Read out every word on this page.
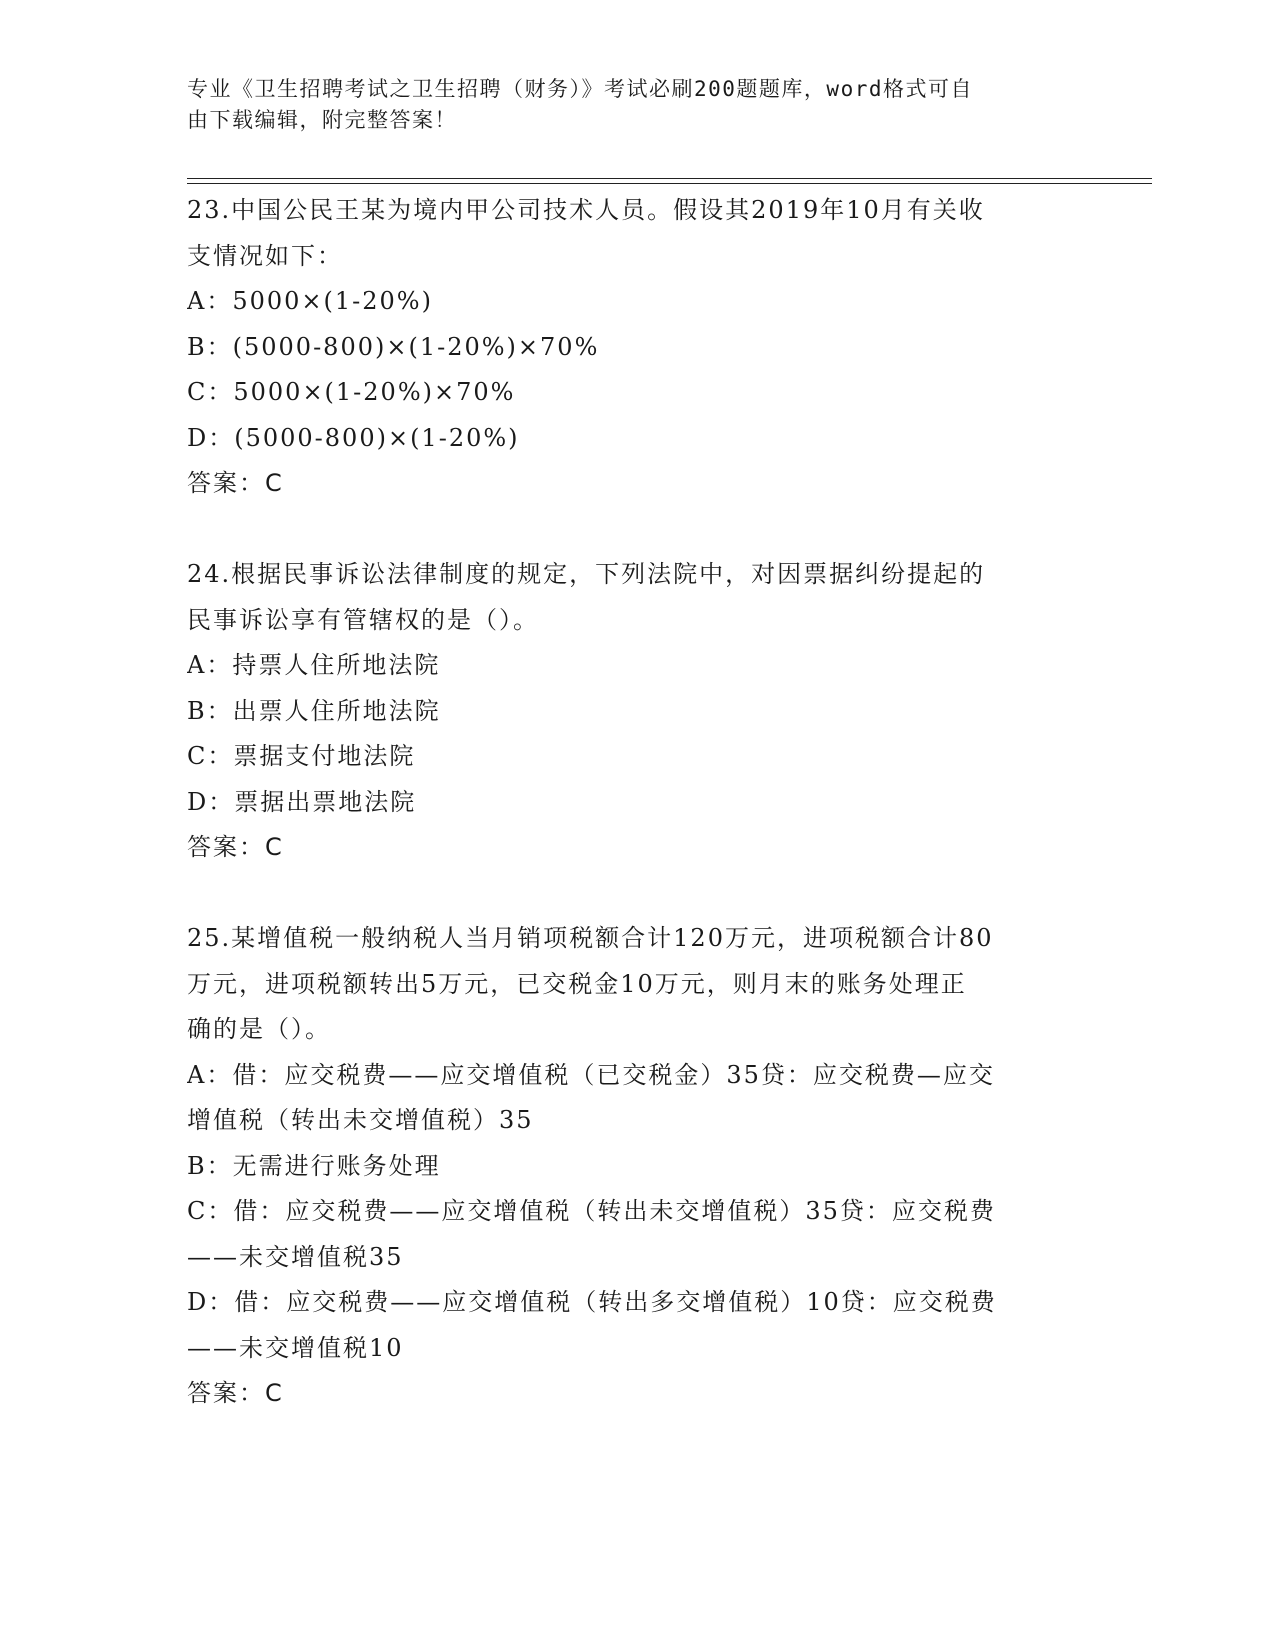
专业《卫生招聘考试之卫生招聘（财务）》考试必刷200题题库，word格式可自
由下载编辑，附完整答案！
23.中国公民王某为境内甲公司技术人员。假设其2019年10月有关收
支情况如下：
A：5000×(1-20%)
B：(5000-800)×(1-20%)×70%
C：5000×(1-20%)×70%
D：(5000-800)×(1-20%)
答案：C
24.根据民事诉讼法律制度的规定，下列法院中，对因票据纠纷提起的
民事诉讼享有管辖权的是（）。
A：持票人住所地法院
B：出票人住所地法院
C：票据支付地法院
D：票据出票地法院
答案：C
25.某增值税一般纳税人当月销项税额合计120万元，进项税额合计80
万元，进项税额转出5万元，已交税金10万元，则月末的账务处理正
确的是（）。
A：借：应交税费——应交增值税（已交税金）35贷：应交税费—应交
增值税（转出未交增值税）35
B：无需进行账务处理
C：借：应交税费——应交增值税（转出未交增值税）35贷：应交税费
——未交增值税35
D：借：应交税费——应交增值税（转出多交增值税）10贷：应交税费
——未交增值税10
答案：C
